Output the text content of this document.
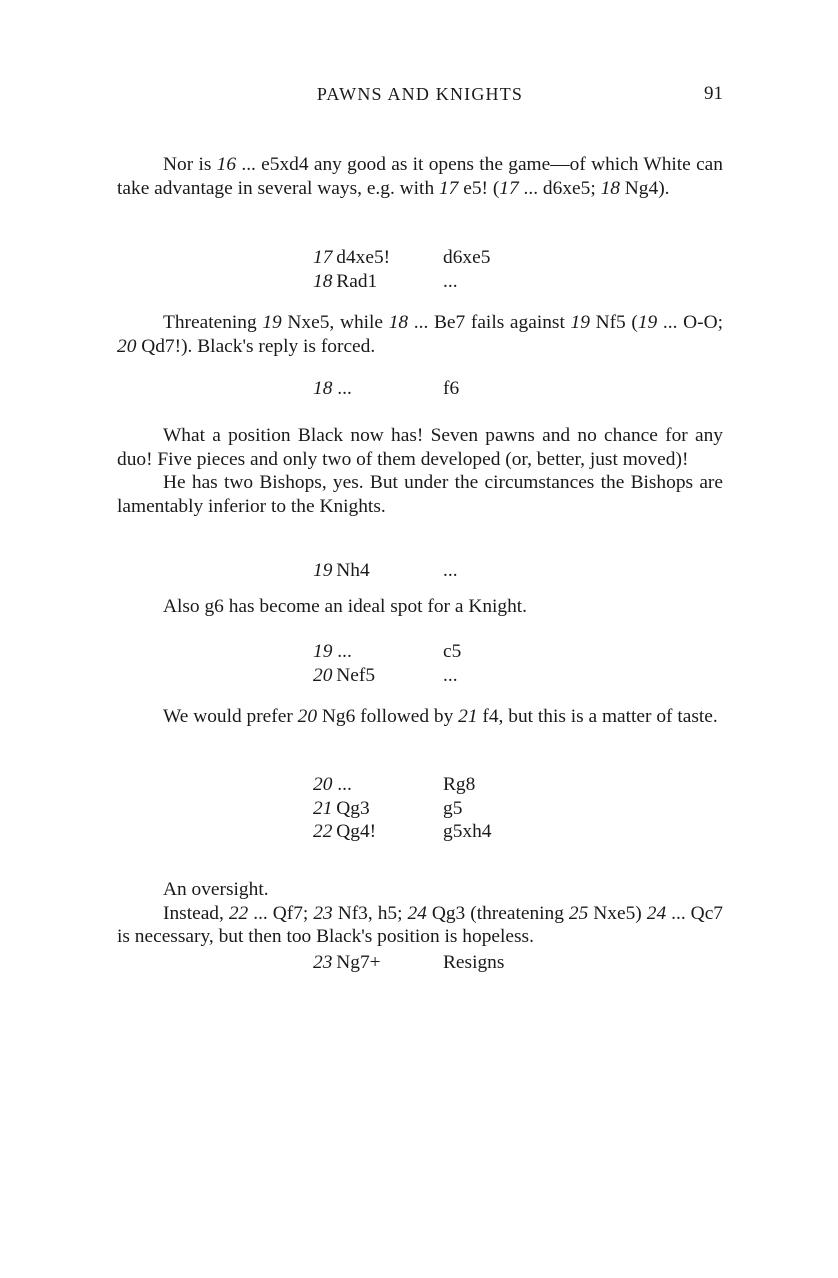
PAWNS AND KNIGHTS	91

Nor is 16 ... e5xd4 any good as it opens the game—of which White can take advantage in several ways, e.g. with 17 e5! (17 ... d6xe5; 18 Ng4).

17  d4xe5!	d6xe5
18  Rad1	...

Threatening 19 Nxe5, while 18 ... Be7 fails against 19 Nf5 (19 ... O-O; 20 Qd7!). Black's reply is forced.

18 ...	f6

What a position Black now has! Seven pawns and no chance for any duo! Five pieces and only two of them developed (or, better, just moved)!

He has two Bishops, yes. But under the circumstances the Bishops are lamentably inferior to the Knights.

19  Nh4	...

Also g6 has become an ideal spot for a Knight.

19 ...	c5
20  Nef5	...

We would prefer 20 Ng6 followed by 21 f4, but this is a matter of taste.

20 ...	Rg8
21  Qg3	g5
22  Qg4!	g5xh4

An oversight.

Instead, 22 ... Qf7; 23 Nf3, h5; 24 Qg3 (threatening 25 Nxe5) 24 ... Qc7 is necessary, but then too Black's position is hopeless.

23  Ng7+	Resigns
